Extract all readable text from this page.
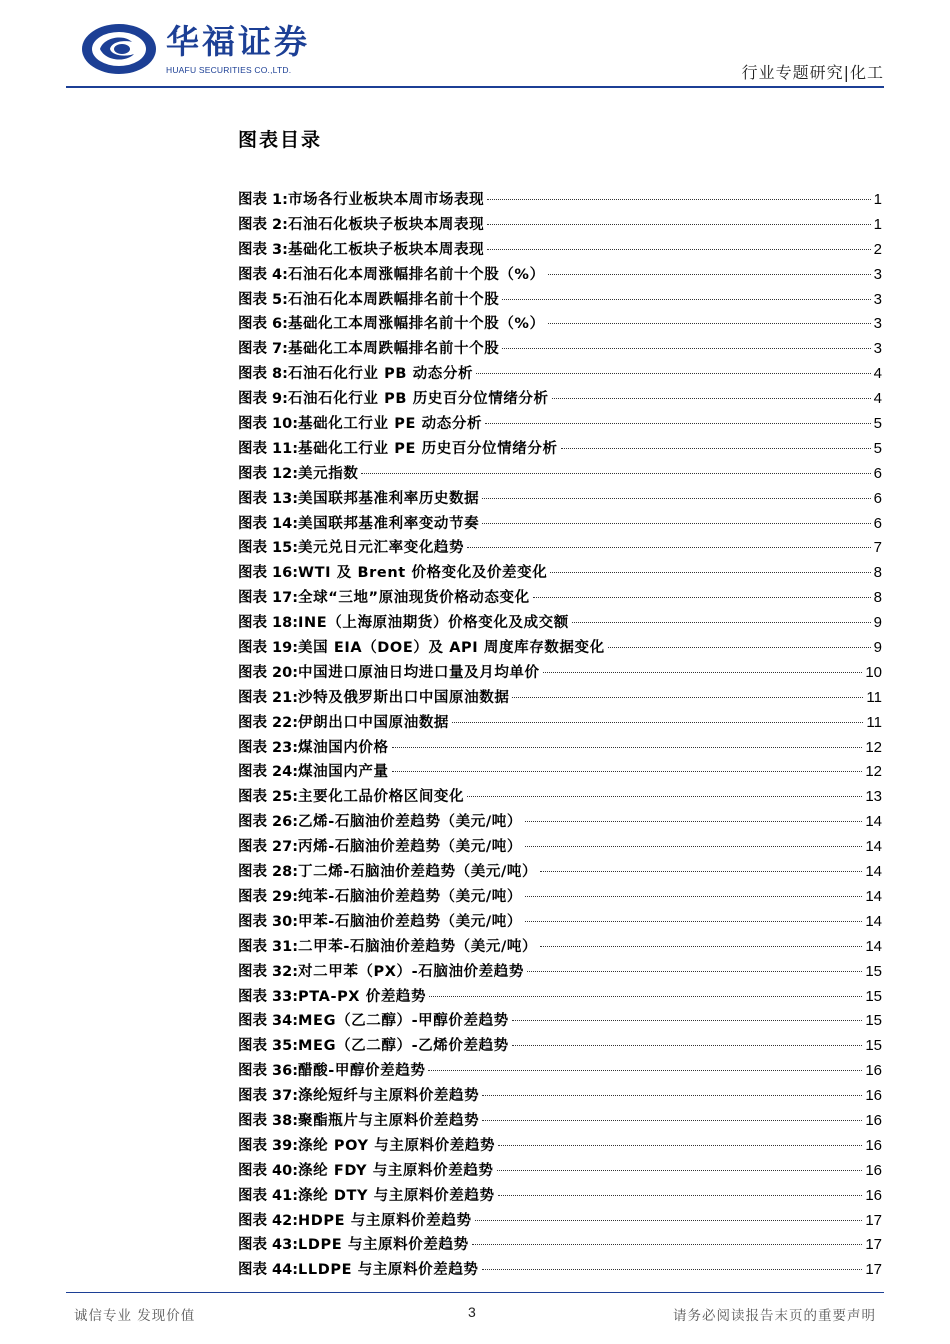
华福证券
HUAFU SECURITIES CO.,LTD.	行业专题研究|化工
图表目录
图表 1: 市场各行业板块本周市场表现	1
图表 2: 石油石化板块子板块本周表现	1
图表 3: 基础化工板块子板块本周表现	2
图表 4: 石油石化本周涨幅排名前十个股（%）	3
图表 5: 石油石化本周跌幅排名前十个股	3
图表 6: 基础化工本周涨幅排名前十个股（%）	3
图表 7: 基础化工本周跌幅排名前十个股	3
图表 8: 石油石化行业 PB 动态分析	4
图表 9: 石油石化行业 PB 历史百分位情绪分析	4
图表 10: 基础化工行业 PE 动态分析	5
图表 11: 基础化工行业 PE 历史百分位情绪分析	5
图表 12: 美元指数	6
图表 13: 美国联邦基准利率历史数据	6
图表 14: 美国联邦基准利率变动节奏	6
图表 15: 美元兑日元汇率变化趋势	7
图表 16: WTI 及 Brent 价格变化及价差变化	8
图表 17: 全球“三地”原油现货价格动态变化	8
图表 18: INE（上海原油期货）价格变化及成交额	9
图表 19: 美国 EIA（DOE）及 API 周度库存数据变化	9
图表 20: 中国进口原油日均进口量及月均单价	10
图表 21: 沙特及俄罗斯出口中国原油数据	11
图表 22: 伊朗出口中国原油数据	11
图表 23: 煤油国内价格	12
图表 24: 煤油国内产量	12
图表 25: 主要化工品价格区间变化	13
图表 26: 乙烯-石脑油价差趋势（美元/吨）	14
图表 27: 丙烯-石脑油价差趋势（美元/吨）	14
图表 28: 丁二烯-石脑油价差趋势（美元/吨）	14
图表 29: 纯苯-石脑油价差趋势（美元/吨）	14
图表 30: 甲苯-石脑油价差趋势（美元/吨）	14
图表 31: 二甲苯-石脑油价差趋势（美元/吨）	14
图表 32: 对二甲苯（PX）-石脑油价差趋势	15
图表 33: PTA-PX 价差趋势	15
图表 34: MEG（乙二醇）-甲醇价差趋势	15
图表 35: MEG（乙二醇）-乙烯价差趋势	15
图表 36: 醋酸-甲醇价差趋势	16
图表 37: 涤纶短纤与主原料价差趋势	16
图表 38: 聚酯瓶片与主原料价差趋势	16
图表 39: 涤纶 POY 与主原料价差趋势	16
图表 40: 涤纶 FDY 与主原料价差趋势	16
图表 41: 涤纶 DTY 与主原料价差趋势	16
图表 42: HDPE 与主原料价差趋势	17
图表 43: LDPE 与主原料价差趋势	17
图表 44: LLDPE 与主原料价差趋势	17
诚信专业 发现价值	3	请务必阅读报告末页的重要声明
